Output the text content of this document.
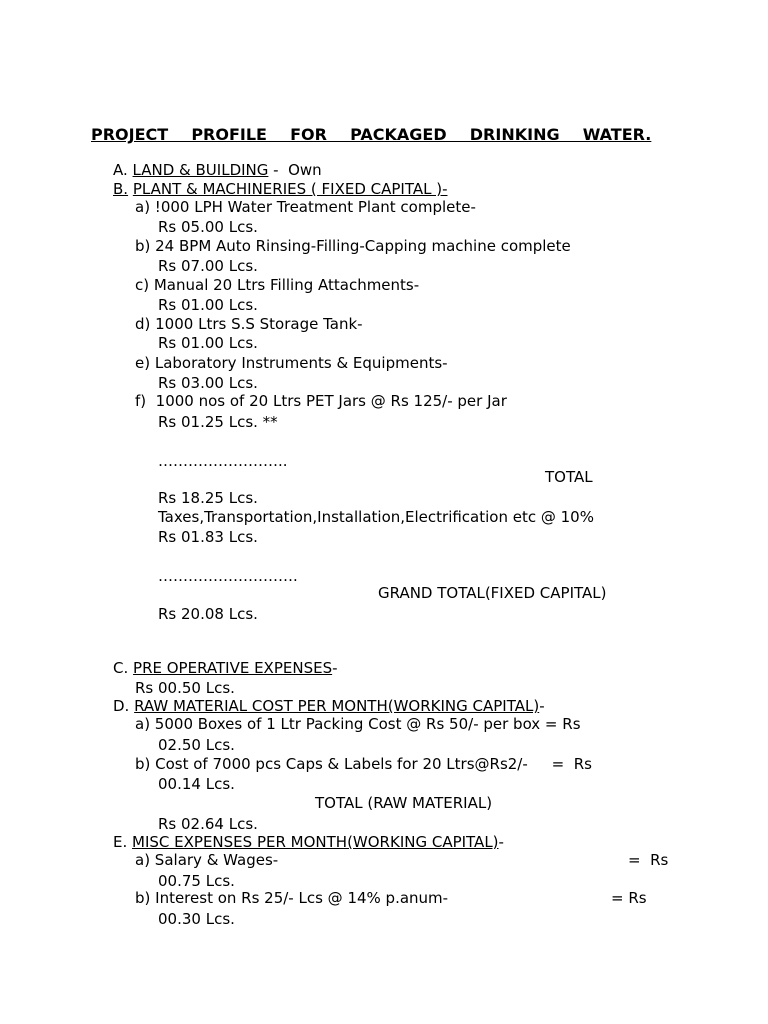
PROJECT  PROFILE  FOR  PACKAGED  DRINKING  WATER.
A. LAND & BUILDING -  Own
B. PLANT & MACHINERIES ( FIXED CAPITAL )-
a) !000 LPH Water Treatment Plant complete-
Rs 05.00 Lcs.
b) 24 BPM Auto Rinsing-Filling-Capping machine complete
Rs 07.00 Lcs.
c) Manual 20 Ltrs Filling Attachments-
Rs 01.00 Lcs.
d) 1000 Ltrs S.S Storage Tank-
Rs 01.00 Lcs.
e) Laboratory Instruments & Equipments-
Rs 03.00 Lcs.
f)  1000 nos of 20 Ltrs PET Jars @ Rs 125/- per Jar
Rs 01.25 Lcs. **
……………………..
TOTAL
Rs 18.25 Lcs.
Taxes,Transportation,Installation,Electrification etc @ 10%
Rs 01.83 Lcs.
……………………….
GRAND TOTAL(FIXED CAPITAL)
Rs 20.08 Lcs.
C. PRE OPERATIVE EXPENSES-
Rs 00.50 Lcs.
D. RAW MATERIAL COST PER MONTH(WORKING CAPITAL)-
a) 5000 Boxes of 1 Ltr Packing Cost @ Rs 50/- per box = Rs
02.50 Lcs.
b) Cost of 7000 pcs Caps & Labels for 20 Ltrs@Rs2/-     =  Rs
00.14 Lcs.
TOTAL (RAW MATERIAL)
Rs 02.64 Lcs.
E. MISC EXPENSES PER MONTH(WORKING CAPITAL)-
a) Salary & Wages-	=  Rs
00.75 Lcs.
b) Interest on Rs 25/- Lcs @ 14% p.anum-	= Rs
00.30 Lcs.
